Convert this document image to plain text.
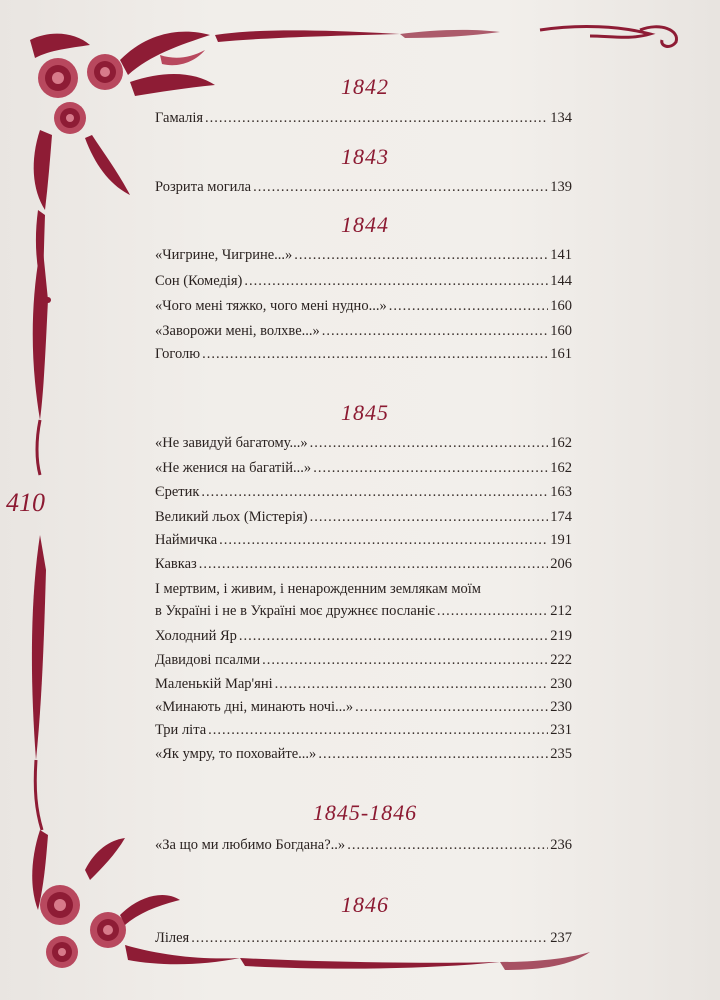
410
1842
Гамалія .....	134
1843
Розрита могила .....	139
1844
«Чигрине, Чигрине...» .....	141
Сон (Комедія) .....	144
«Чого мені тяжко, чого мені нудно...» .....	160
«Заворожи мені, волхве...» .....	160
Гоголю .....	161
1845
«Не завидуй багатому...» .....	162
«Не женися на багатій...» .....	162
Єретик .....	163
Великий льох (Містерія) .....	174
Наймичка .....	191
Кавказ .....	206
І мертвим, і живим, і ненарожденним землякам моїм
в Україні і не в Україні моє дружнєє посланіє .....	212
Холодний Яр .....	219
Давидові псалми .....	222
Маленькій Мар'яні .....	230
«Минають дні, минають ночі...» .....	230
Три літа .....	231
«Як умру, то поховайте...» .....	235
1845-1846
«За що ми любимо Богдана?..» .....	236
1846
Лілея .....	237
